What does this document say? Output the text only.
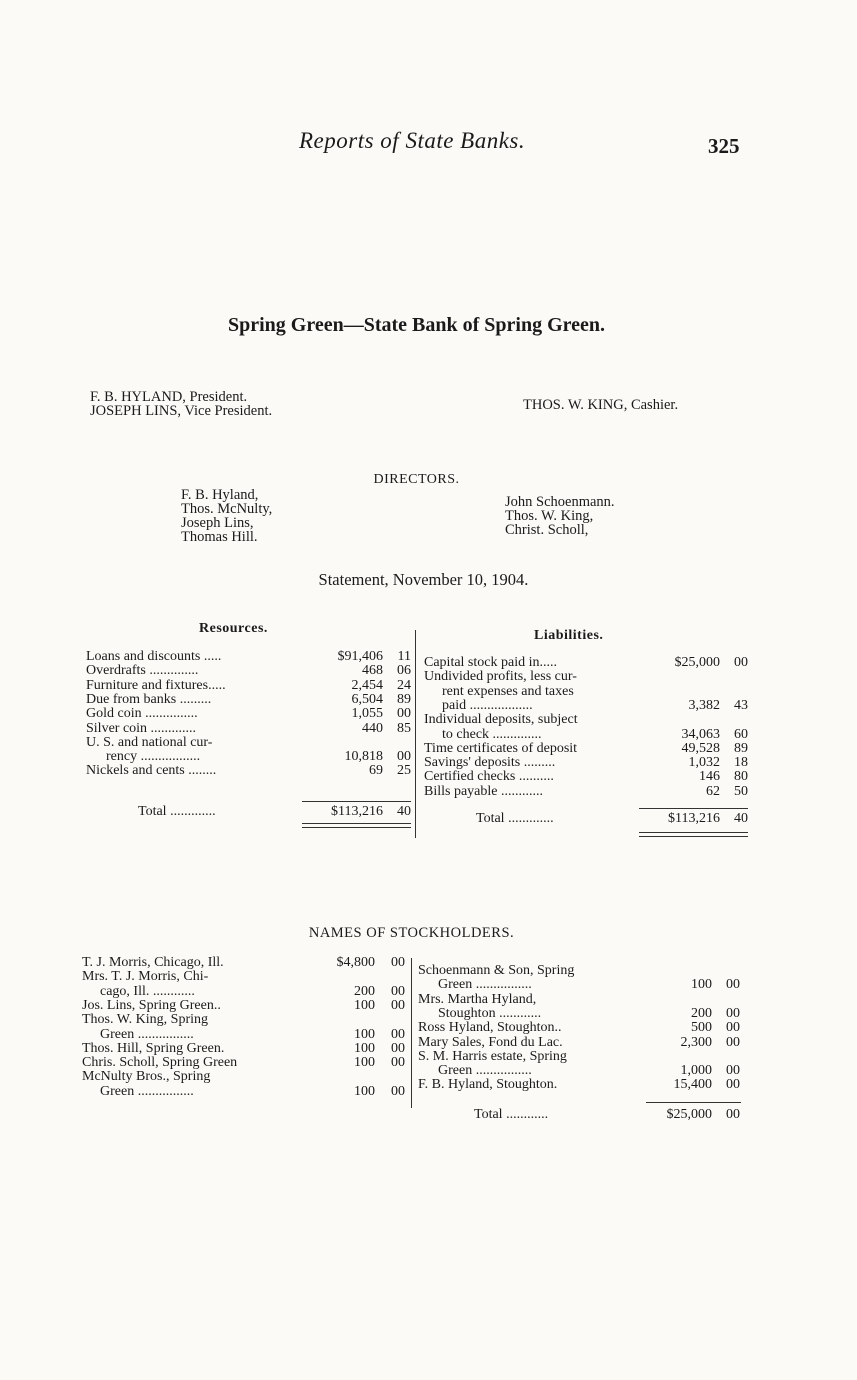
Reports of State Banks.	325
Spring Green—State Bank of Spring Green.
F. B. HYLAND, President.
JOSEPH LINS, Vice President.	THOS. W. KING, Cashier.
DIRECTORS.
F. B. Hyland,
Thos. McNulty,
Joseph Lins,
Thomas Hill.
John Schoenmann.
Thos. W. King,
Christ. Scholl,
Statement, November 10, 1904.
Resources.	Liabilities.
Loans and discounts .....	$91,406	11
Overdrafts ..............	468	06
Furniture and fixtures.....	2,454	24
Due from banks .........	6,504	89
Gold coin ...............	1,055	00
Silver coin .............	440	85
U. S. and national cur-
rency .................	10,818	00
Nickels and cents ........	69	25
Capital stock paid in.....	$25,000	00
Undivided profits, less cur-
rent expenses and taxes
paid ..................	3,382	43
Individual deposits, subject
to check ..............	34,063	60
Time certificates of deposit	49,528	89
Savings' deposits .........	1,032	18
Certified checks ..........	146	80
Bills payable ............	62	50
Total .............	$113,216	40	Total .............	$113,216	40
NAMES OF STOCKHOLDERS.
T. J. Morris, Chicago, Ill.	$4,800	00
Mrs. T. J. Morris, Chi-
cago, Ill. ............	200	00
Jos. Lins, Spring Green..	100	00
Thos. W. King, Spring
Green ................	100	00
Thos. Hill, Spring Green.	100	00
Chris. Scholl, Spring Green	100	00
McNulty Bros., Spring
Green ................	100	00
Schoenmann & Son, Spring
Green ................	100	00
Mrs. Martha Hyland,
Stoughton ............	200	00
Ross Hyland, Stoughton..	500	00
Mary Sales, Fond du Lac.	2,300	00
S. M. Harris estate, Spring
Green ................	1,000	00
F. B. Hyland, Stoughton.	15,400	00
Total ............	$25,000	00
